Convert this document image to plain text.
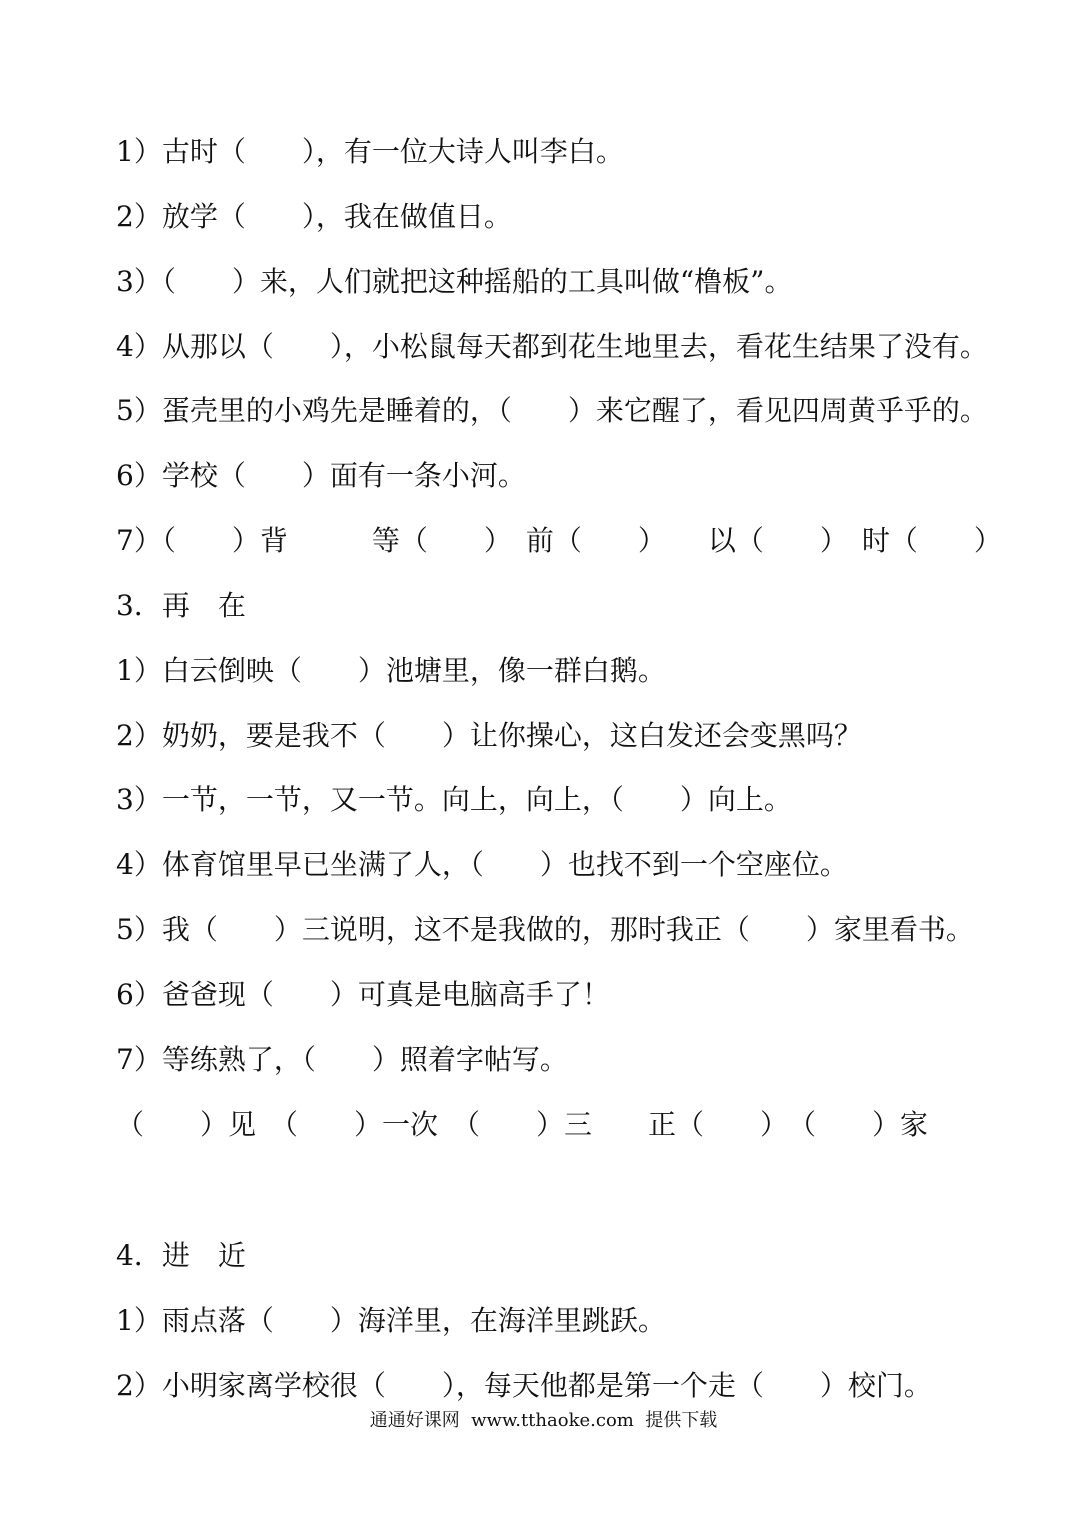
1）古时（　　），有一位大诗人叫李白。
2）放学（　　），我在做值日。
3）（　　）来，人们就把这种摇船的工具叫做“橹板”。
4）从那以（　　），小松鼠每天都到花生地里去，看花生结果了没有。
5）蛋壳里的小鸡先是睡着的，（　　）来它醒了，看见四周黄乎乎的。
6）学校（　　）面有一条小河。
7）（　　）背　　　等（　　）　前（　　）　　以（　　）　时（　　）
3．再　在
1）白云倒映（　　）池塘里，像一群白鹅。
2）奶奶，要是我不（　　）让你操心，这白发还会变黑吗？
3）一节，一节，又一节。向上，向上，（　　）向上。
4）体育馆里早已坐满了人，（　　）也找不到一个空座位。
5）我（　　）三说明，这不是我做的，那时我正（　　）家里看书。
6）爸爸现（　　）可真是电脑高手了！
7）等练熟了，（　　）照着字帖写。
（　　）见　（　　）一次　（　　）三　　正（　　）　（　　）家
4．进　近
1）雨点落（　　）海洋里，在海洋里跳跃。
2）小明家离学校很（　　），每天他都是第一个走（　　）校门。
通通好课网  www.tthaoke.com  提供下载
